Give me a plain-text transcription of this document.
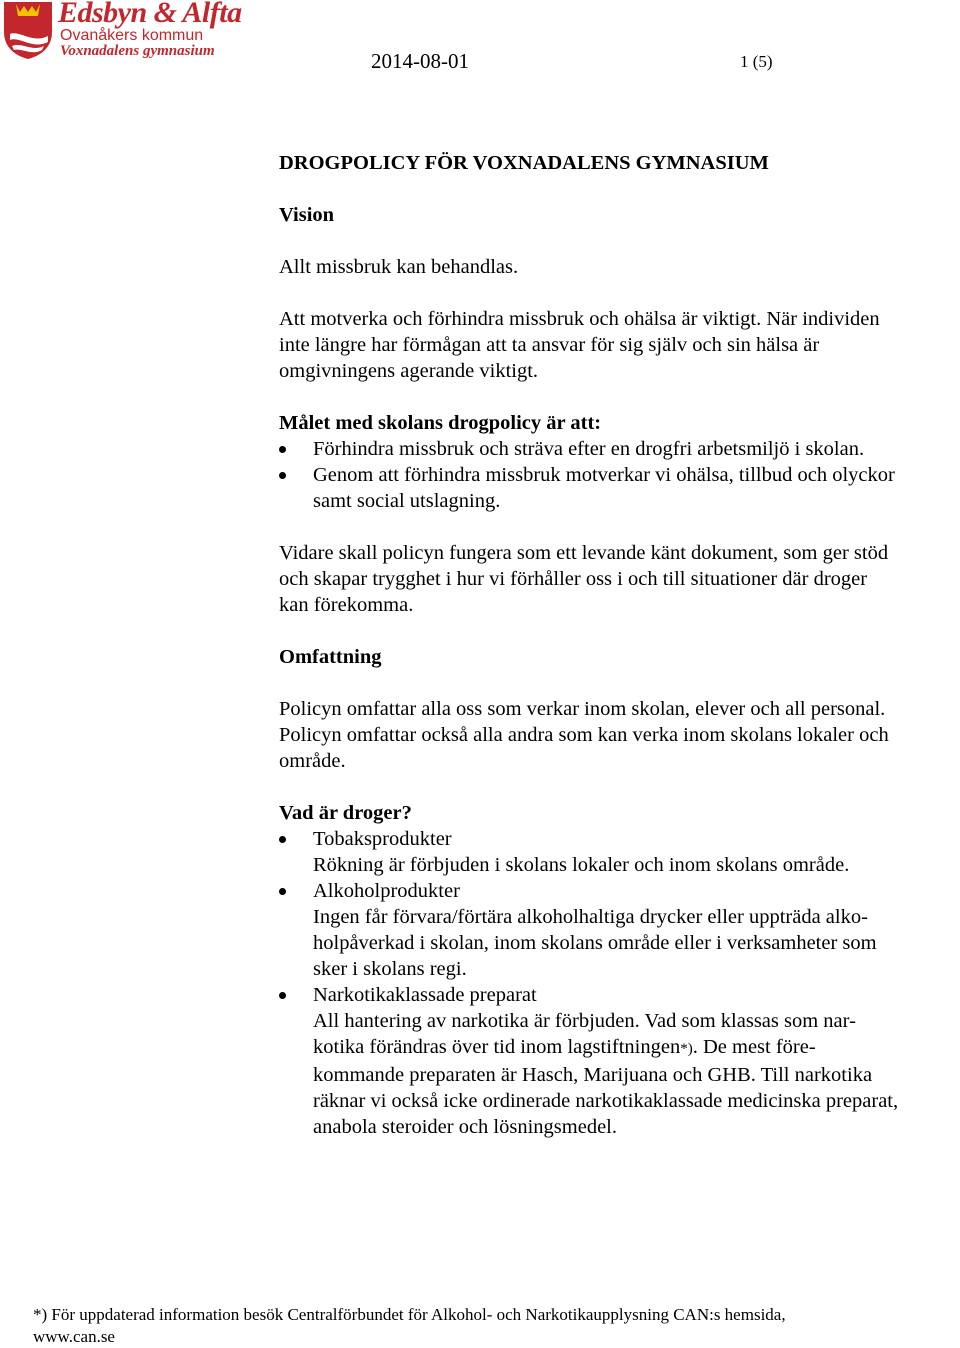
Edsbyn & Alfta
Ovanåkers kommun
Voxnadalens gymnasium	2014-08-01	1 (5)

DROGPOLICY FÖR VOXNADALENS GYMNASIUM

Vision

Allt missbruk kan behandlas.

Att motverka och förhindra missbruk och ohälsa är viktigt. När individen

inte längre har förmågan att ta ansvar för sig själv och sin hälsa är

omgivningens agerande viktigt.

Målet med skolans drogpolicy är att:

Förhindra missbruk och sträva efter en drogfri arbetsmiljö i skolan.
Genom att förhindra missbruk motverkar vi ohälsa, tillbud och olyckor
samt social utslagning.

Vidare skall policyn fungera som ett levande känt dokument, som ger stöd

och skapar trygghet i hur vi förhåller oss i och till situationer där droger

kan förekomma.

Omfattning

Policyn omfattar alla oss som verkar inom skolan, elever och all personal.

Policyn omfattar också alla andra som kan verka inom skolans lokaler och

område.

Vad är droger?

Tobaksprodukter
Rökning är förbjuden i skolans lokaler och inom skolans område.
Alkoholprodukter
Ingen får förvara/förtära alkoholhaltiga drycker eller uppträda alko-
holpåverkad i skolan, inom skolans område eller i verksamheter som
sker i skolans regi.
Narkotikaklassade preparat
All hantering av narkotika är förbjuden. Vad som klassas som nar-
kotika förändras över tid inom lagstiftningen*). De mest före-
kommande preparaten är Hasch, Marijuana och GHB. Till narkotika
räknar vi också icke ordinerade narkotikaklassade medicinska preparat,
anabola steroider och lösningsmedel.
*) För uppdaterad information besök Centralförbundet för Alkohol- och Narkotikaupplysning CAN:s hemsida,
www.can.se
